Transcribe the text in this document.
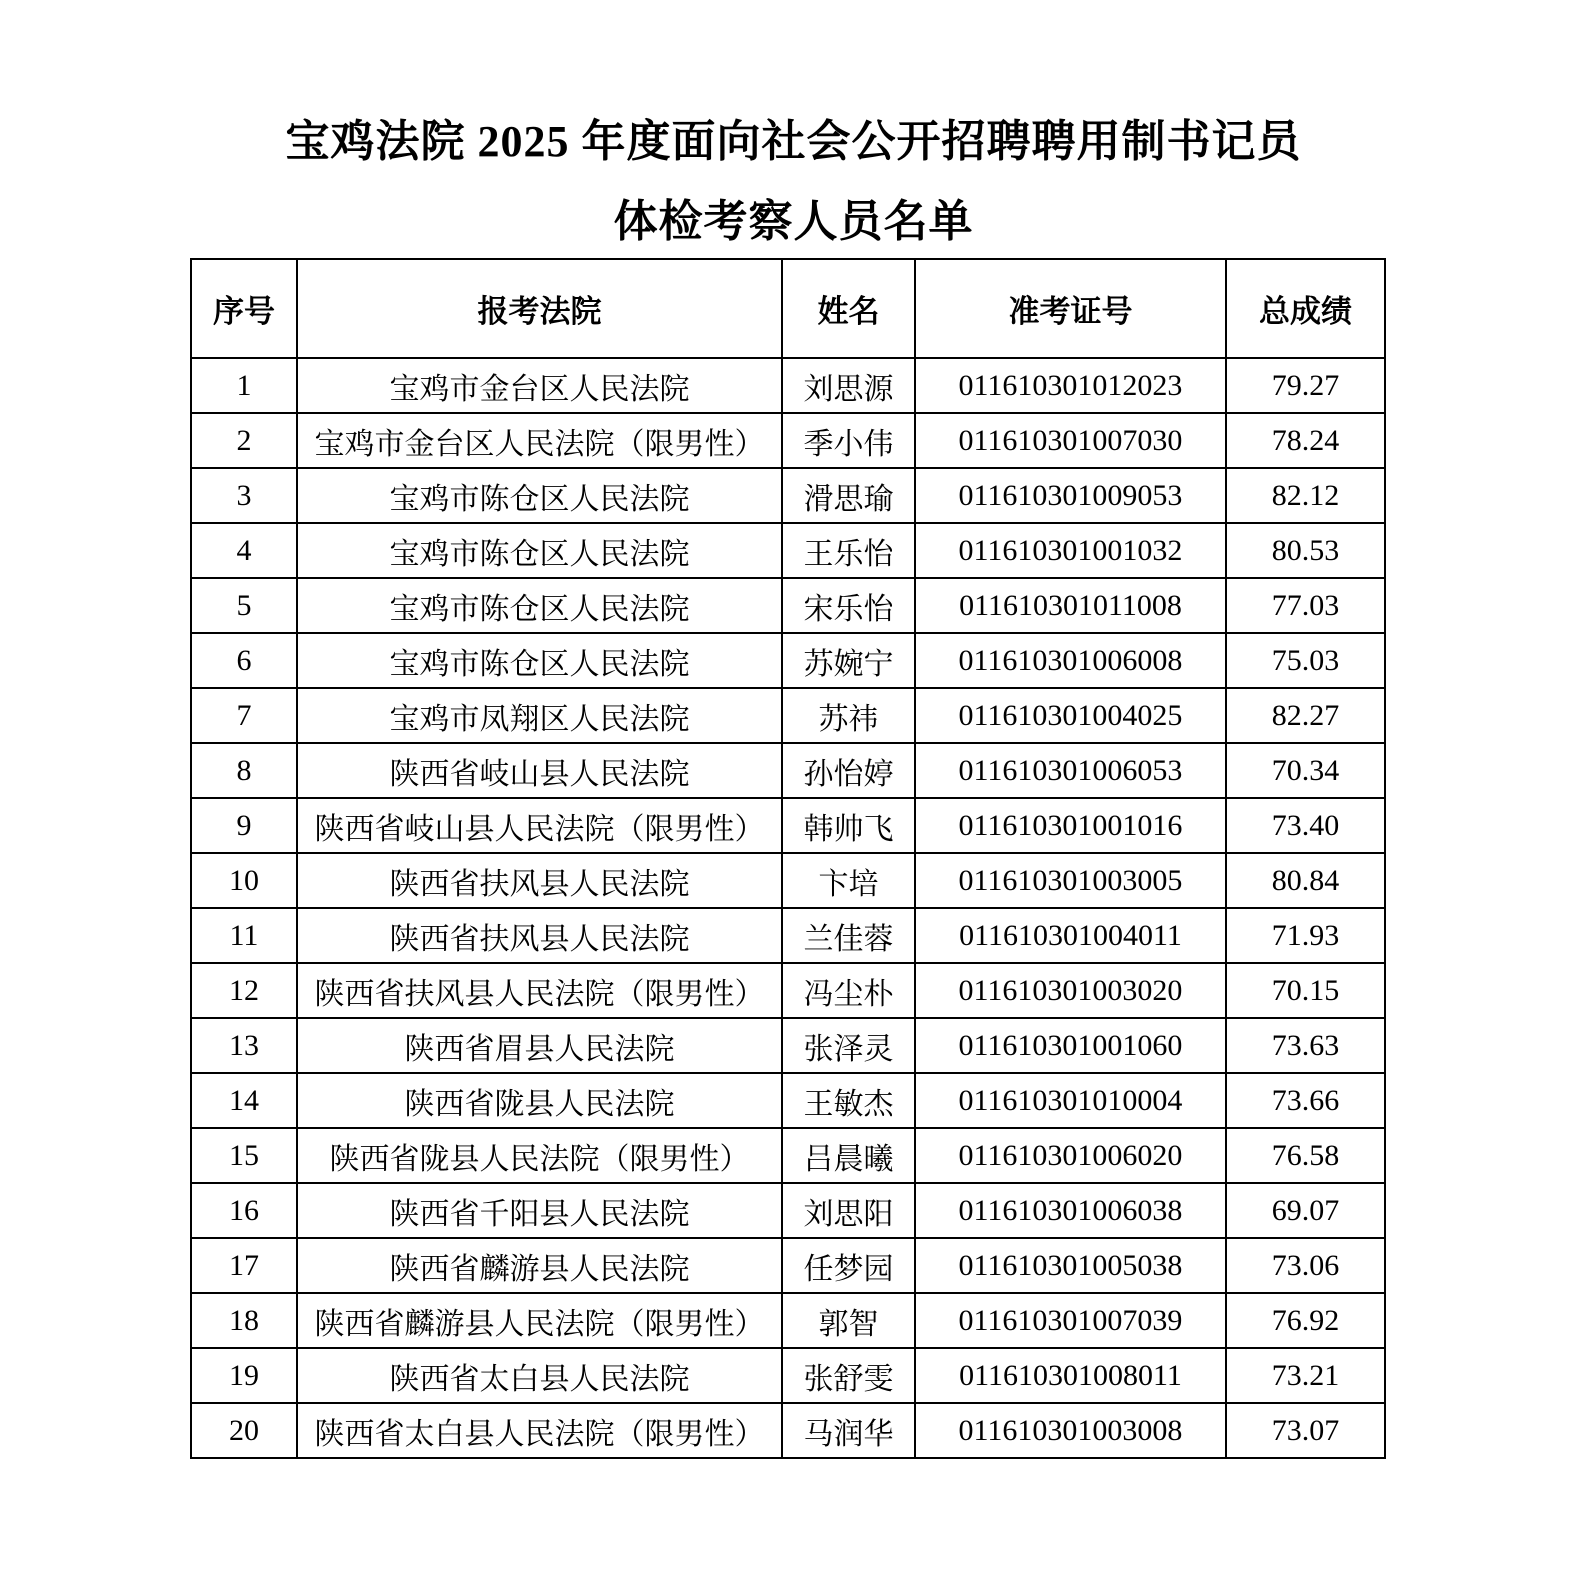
宝鸡法院 2025 年度面向社会公开招聘聘用制书记员
体检考察人员名单
序号	报考法院	姓名	准考证号	总成绩
1	宝鸡市金台区人民法院	刘思源	011610301012023	79.27
2	宝鸡市金台区人民法院（限男性）	季小伟	011610301007030	78.24
3	宝鸡市陈仓区人民法院	滑思瑜	011610301009053	82.12
4	宝鸡市陈仓区人民法院	王乐怡	011610301001032	80.53
5	宝鸡市陈仓区人民法院	宋乐怡	011610301011008	77.03
6	宝鸡市陈仓区人民法院	苏婉宁	011610301006008	75.03
7	宝鸡市凤翔区人民法院	苏祎	011610301004025	82.27
8	陕西省岐山县人民法院	孙怡婷	011610301006053	70.34
9	陕西省岐山县人民法院（限男性）	韩帅飞	011610301001016	73.40
10	陕西省扶风县人民法院	卞培	011610301003005	80.84
11	陕西省扶风县人民法院	兰佳蓉	011610301004011	71.93
12	陕西省扶风县人民法院（限男性）	冯尘朴	011610301003020	70.15
13	陕西省眉县人民法院	张泽灵	011610301001060	73.63
14	陕西省陇县人民法院	王敏杰	011610301010004	73.66
15	陕西省陇县人民法院（限男性）	吕晨曦	011610301006020	76.58
16	陕西省千阳县人民法院	刘思阳	011610301006038	69.07
17	陕西省麟游县人民法院	任梦园	011610301005038	73.06
18	陕西省麟游县人民法院（限男性）	郭智	011610301007039	76.92
19	陕西省太白县人民法院	张舒雯	011610301008011	73.21
20	陕西省太白县人民法院（限男性）	马润华	011610301003008	73.07
